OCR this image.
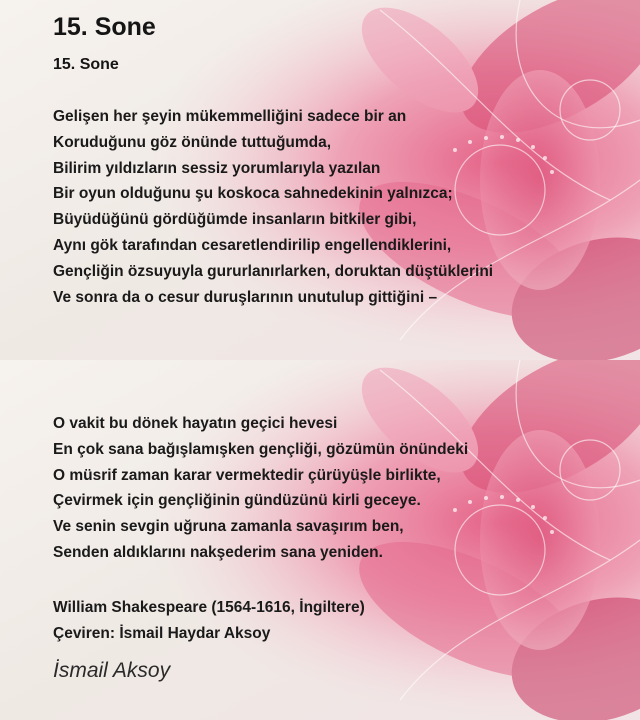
15. Sone
15. Sone
Gelişen her şeyin mükemmelliğini sadece bir an
Koruduğunu göz önünde tuttuğumda,
Bilirim yıldızların sessiz yorumlarıyla yazılan
Bir oyun olduğunu şu koskoca sahnedekinin yalnızca;
Büyüdüğünü gördüğümde insanların bitkiler gibi,
Aynı gök tarafından cesaretlendirilip engellendiklerini,
Gençliğin özsuyuyla gururlanırlarken, doruktan düştüklerini
Ve sonra da o cesur duruşlarının unutulup gittiğini –
O vakit bu dönek hayatın geçici hevesi
En çok sana bağışlamışken gençliği, gözümün önündeki
O müsrif zaman karar vermektedir çürüyüşle birlikte,
Çevirmek için gençliğinin gündüzünü kirli geceye.
Ve senin sevgin uğruna zamanla savaşırım ben,
Senden aldıklarını nakşederim sana yeniden.
William Shakespeare (1564-1616, İngiltere)
Çeviren: İsmail Haydar Aksoy
İsmail Aksoy
